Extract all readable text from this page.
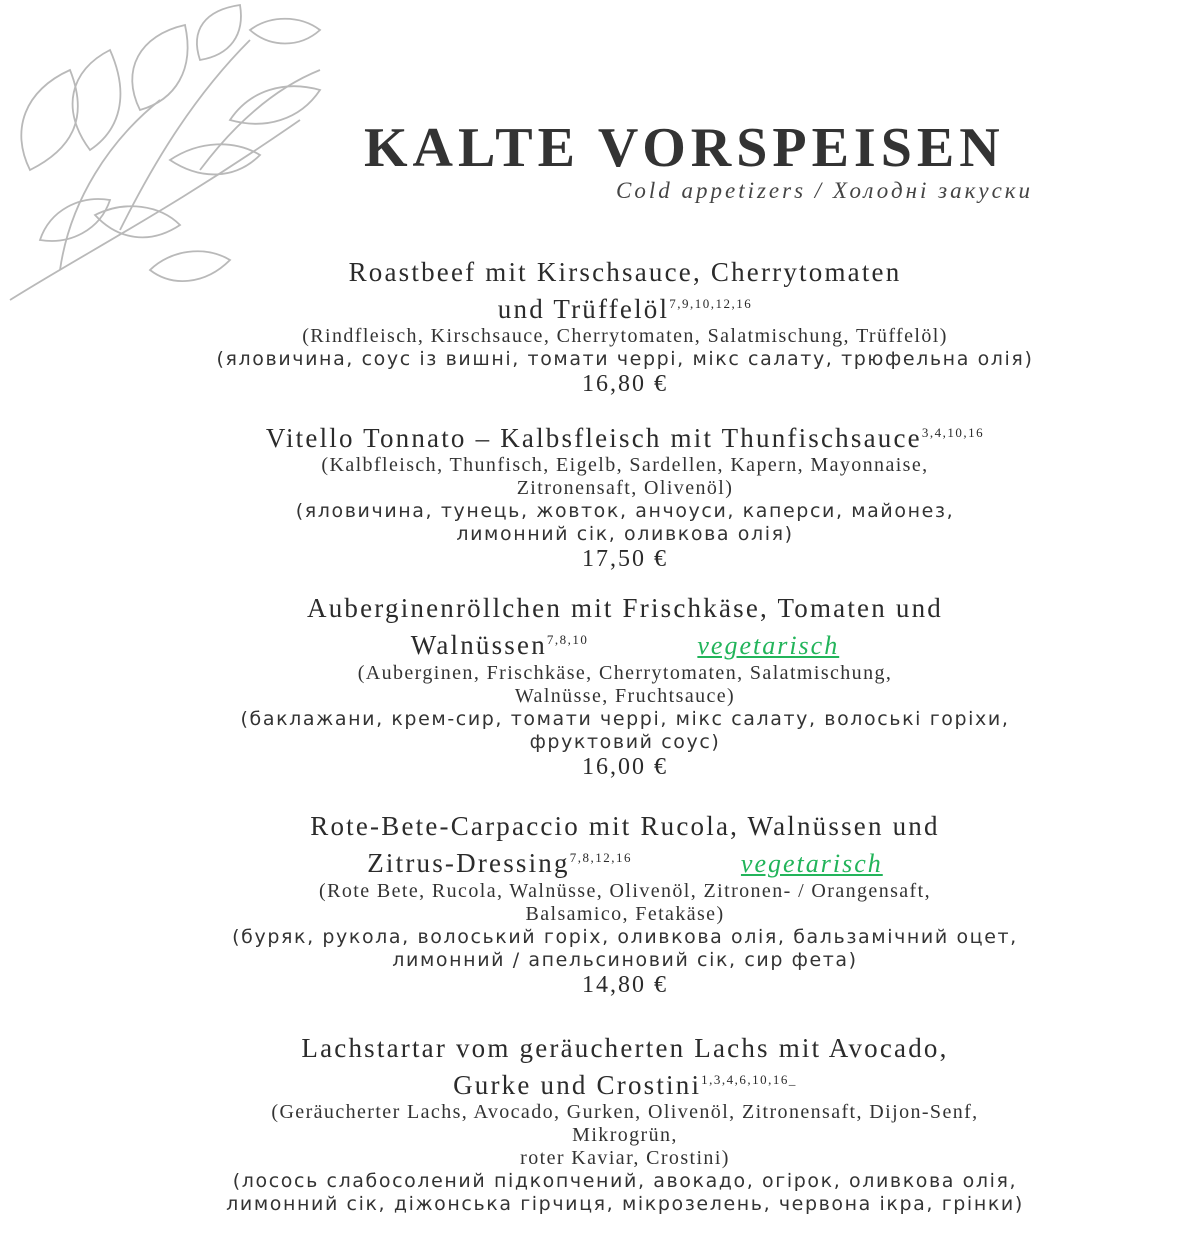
KALTE VORSPEISEN
Cold appetizers / Холодні закуски
Roastbeef mit Kirschsauce, Cherrytomaten
und Trüffelöl$^{7,9,10,12,16}$
(Rindfleisch, Kirschsauce, Cherrytomaten, Salatmischung, Trüffelöl)
(яловичина, соус із вишні, томати черрі, мікс салату, трюфельна олія)
16,80 €
Vitello Tonnato – Kalbsfleisch mit Thunfischsauce$^{3,4,10,16}$
(Kalbfleisch, Thunfisch, Eigelb, Sardellen, Kapern, Mayonnaise,
Zitronensaft, Olivenöl)
(яловичина, тунець, жовток, анчоуси, каперси, майонез,
лимонний сік, оливкова олія)
17,50 €
Auberginenröllchen mit Frischkäse, Tomaten und
Walnüssen$^{7,8,10}$	vegetarisch
(Auberginen, Frischkäse, Cherrytomaten, Salatmischung,
Walnüsse, Fruchtsauce)
(баклажани, крем-сир, томати черрі, мікс салату, волоські горіхи,
фруктовий соус)
16,00 €
Rote-Bete-Carpaccio mit Rucola, Walnüssen und
Zitrus-Dressing$^{7,8,12,16}$	vegetarisch
(Rote Bete, Rucola, Walnüsse, Olivenöl, Zitronen- / Orangensaft,
Balsamico, Fetakäse)
(буряк, рукола, волоський горіх, оливкова олія, бальзамічний оцет,
лимонний / апельсиновий сік, сир фета)
14,80 €
Lachstartar vom geräucherten Lachs mit Avocado,
Gurke und Crostini$^{1,3,4,6,10,16\_}$
(Geräucherter Lachs, Avocado, Gurken, Olivenöl, Zitronensaft, Dijon-Senf,
Mikrogrün,
roter Kaviar, Crostini)
(лосось слабосолений підкопчений, авокадо, огірок, оливкова олія,
лимонний сік, діжонська гірчиця, мікрозелень, червона ікра, грінки)
